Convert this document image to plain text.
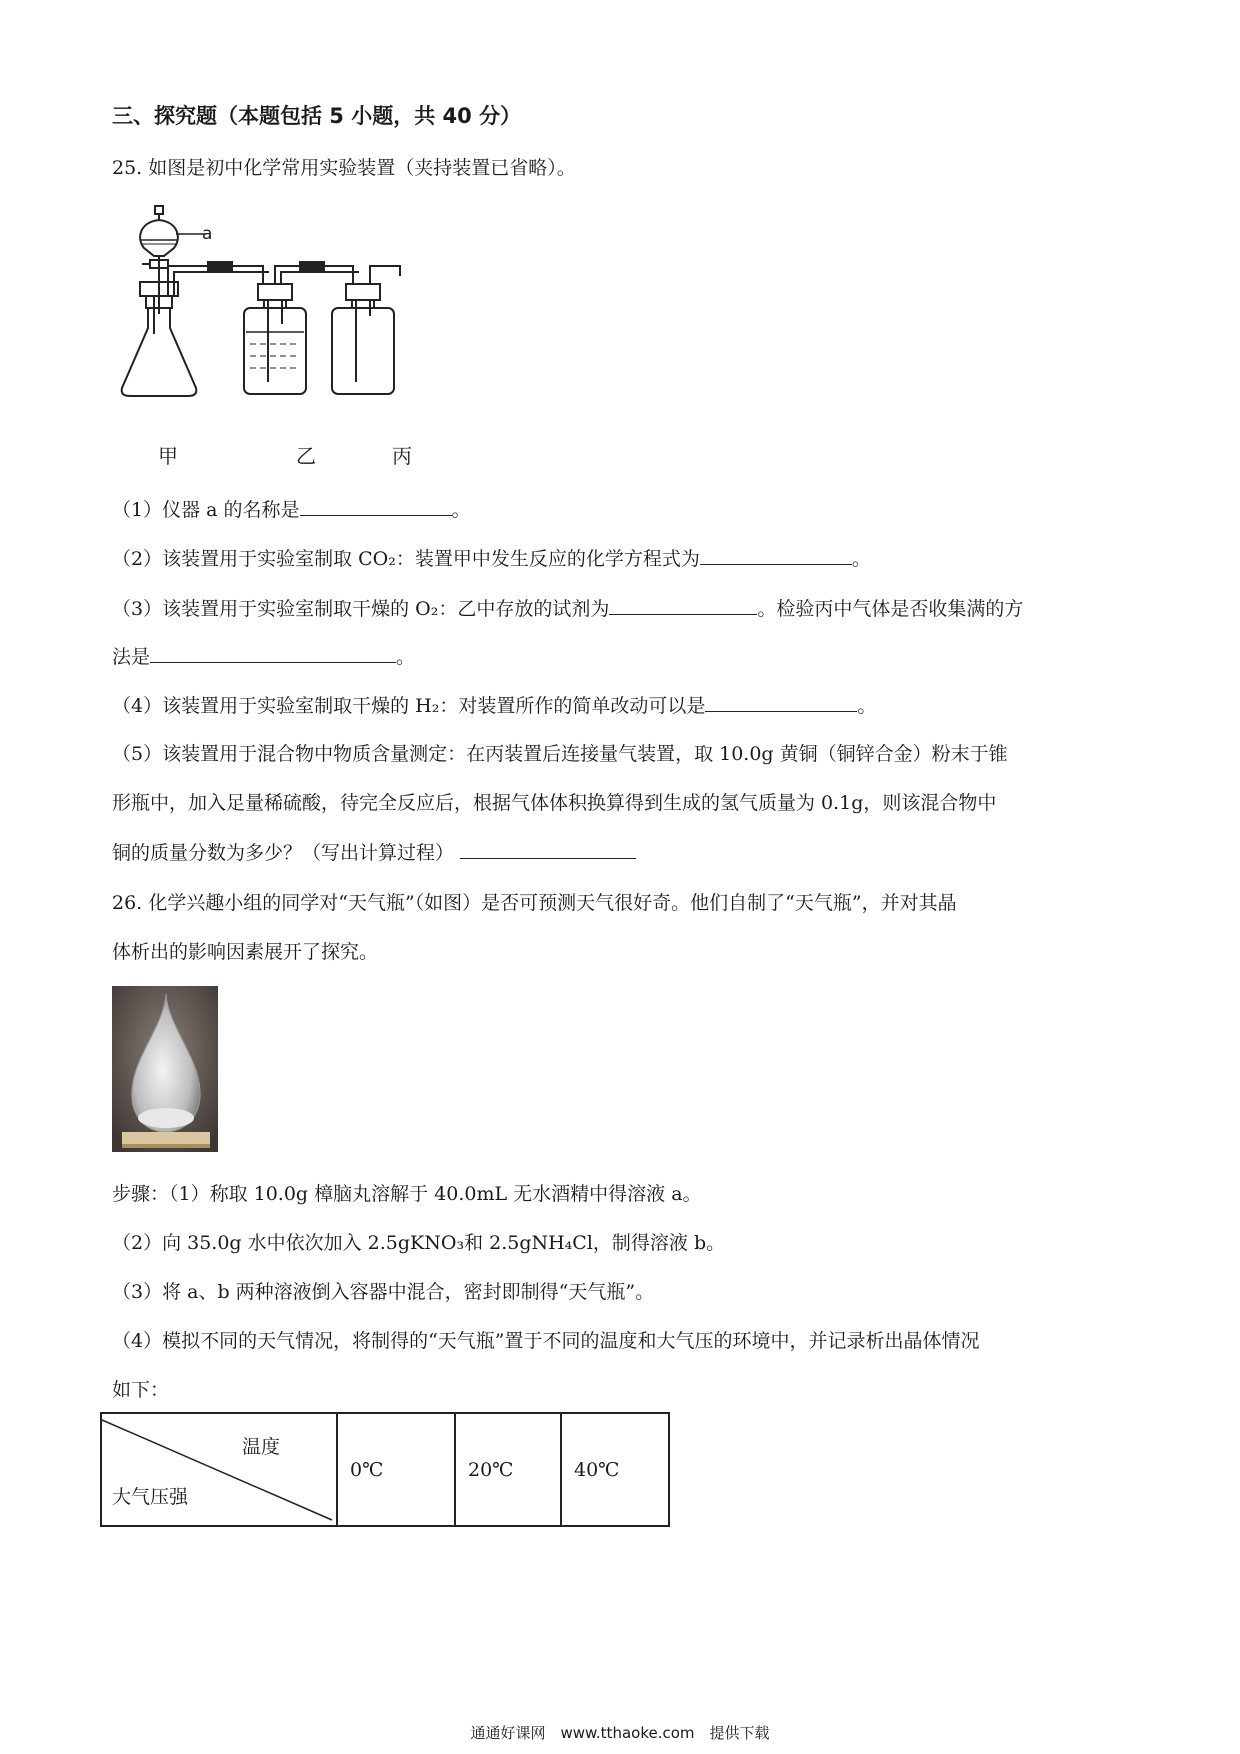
三、探究题（本题包括 5 小题，共 40 分）
25. 如图是初中化学常用实验装置（夹持装置已省略）。
a
甲	乙	丙
（1）仪器 a 的名称是	。
（2）该装置用于实验室制取 CO₂：装置甲中发生反应的化学方程式为	。
（3）该装置用于实验室制取干燥的 O₂：乙中存放的试剂为	。检验丙中气体是否收集满的方
法是	。
（4）该装置用于实验室制取干燥的 H₂：对装置所作的简单改动可以是	。
（5）该装置用于混合物中物质含量测定：在丙装置后连接量气装置，取 10.0g 黄铜（铜锌合金）粉末于锥
形瓶中，加入足量稀硫酸，待完全反应后，根据气体体积换算得到生成的氢气质量为 0.1g，则该混合物中
铜的质量分数为多少？（写出计算过程）
26. 化学兴趣小组的同学对“天气瓶”（如图）是否可预测天气很好奇。他们自制了“天气瓶”，并对其晶
体析出的影响因素展开了探究。
步骤：（1）称取 10.0g 樟脑丸溶解于 40.0mL 无水酒精中得溶液 a。
（2）向 35.0g 水中依次加入 2.5gKNO₃和 2.5gNH₄Cl，制得溶液 b。
（3）将 a、b 两种溶液倒入容器中混合，密封即制得“天气瓶”。
（4）模拟不同的天气情况，将制得的“天气瓶”置于不同的温度和大气压的环境中，并记录析出晶体情况
如下：
温度
大气压强
	0℃	20℃	40℃
通通好课网　www.tthaoke.com　提供下载
